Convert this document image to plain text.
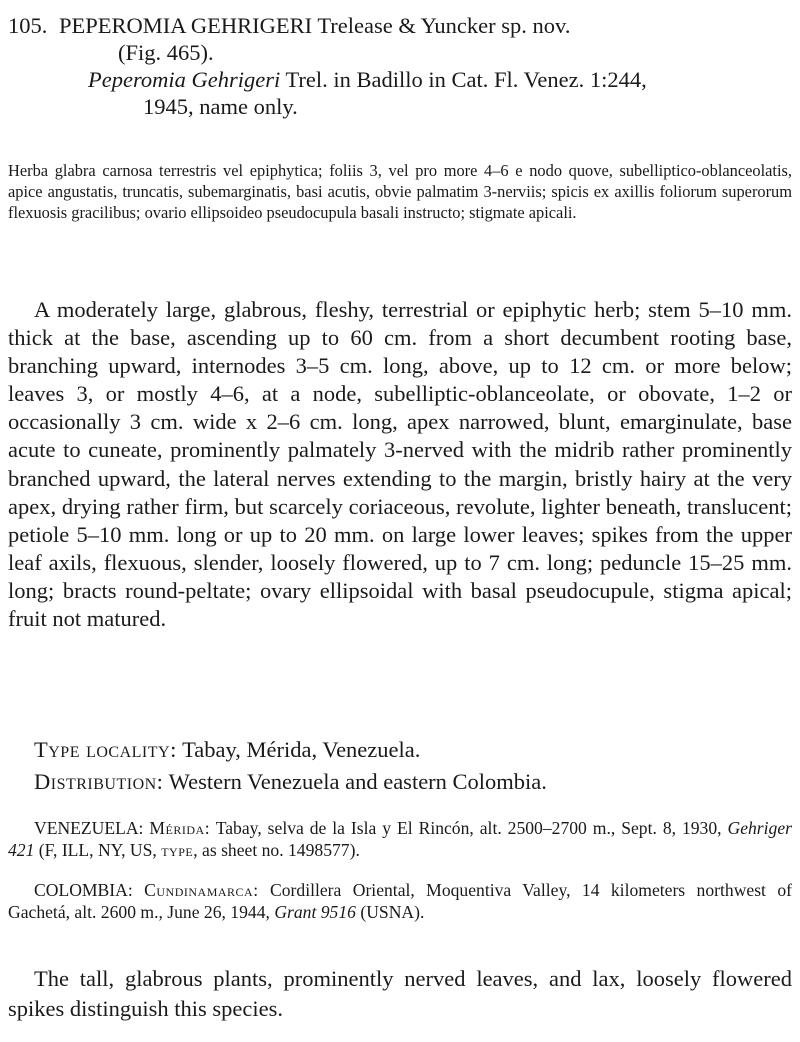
105. PEPEROMIA GEHRIGERI Trelease & Yuncker sp. nov.
(Fig. 465).
Peperomia Gehrigeri Trel. in Badillo in Cat. Fl. Venez. 1:244,
1945, name only.
Herba glabra carnosa terrestris vel epiphytica; foliis 3, vel pro more 4–6 e nodo quove, subelliptico-oblanceolatis, apice angustatis, truncatis, subemarginatis, basi acutis, obvie palmatim 3-nerviis; spicis ex axillis foliorum superorum flexuosis gracilibus; ovario ellipsoideo pseudocupula basali instructo; stigmate apicali.

A moderately large, glabrous, fleshy, terrestrial or epiphytic herb; stem 5–10 mm. thick at the base, ascending up to 60 cm. from a short decumbent rooting base, branching upward, internodes 3–5 cm. long, above, up to 12 cm. or more below; leaves 3, or mostly 4–6, at a node, subelliptic-oblanceolate, or obovate, 1–2 or occasionally 3 cm. wide x 2–6 cm. long, apex narrowed, blunt, emarginulate, base acute to cuneate, prominently palmately 3-nerved with the midrib rather prominently branched upward, the lateral nerves extending to the margin, bristly hairy at the very apex, drying rather firm, but scarcely coriaceous, revolute, lighter beneath, translucent; petiole 5–10 mm. long or up to 20 mm. on large lower leaves; spikes from the upper leaf axils, flexuous, slender, loosely flowered, up to 7 cm. long; peduncle 15–25 mm. long; bracts round-peltate; ovary ellipsoidal with basal pseudocupule, stigma apical; fruit not matured.

Type locality: Tabay, Mérida, Venezuela.
Distribution: Western Venezuela and eastern Colombia.

VENEZUELA: Mérida: Tabay, selva de la Isla y El Rincón, alt. 2500–2700 m., Sept. 8, 1930, Gehriger 421 (F, ILL, NY, US, type, as sheet no. 1498577).

COLOMBIA: Cundinamarca: Cordillera Oriental, Moquentiva Valley, 14 kilometers northwest of Gachetá, alt. 2600 m., June 26, 1944, Grant 9516 (USNA).

The tall, glabrous plants, prominently nerved leaves, and lax, loosely flowered spikes distinguish this species.
